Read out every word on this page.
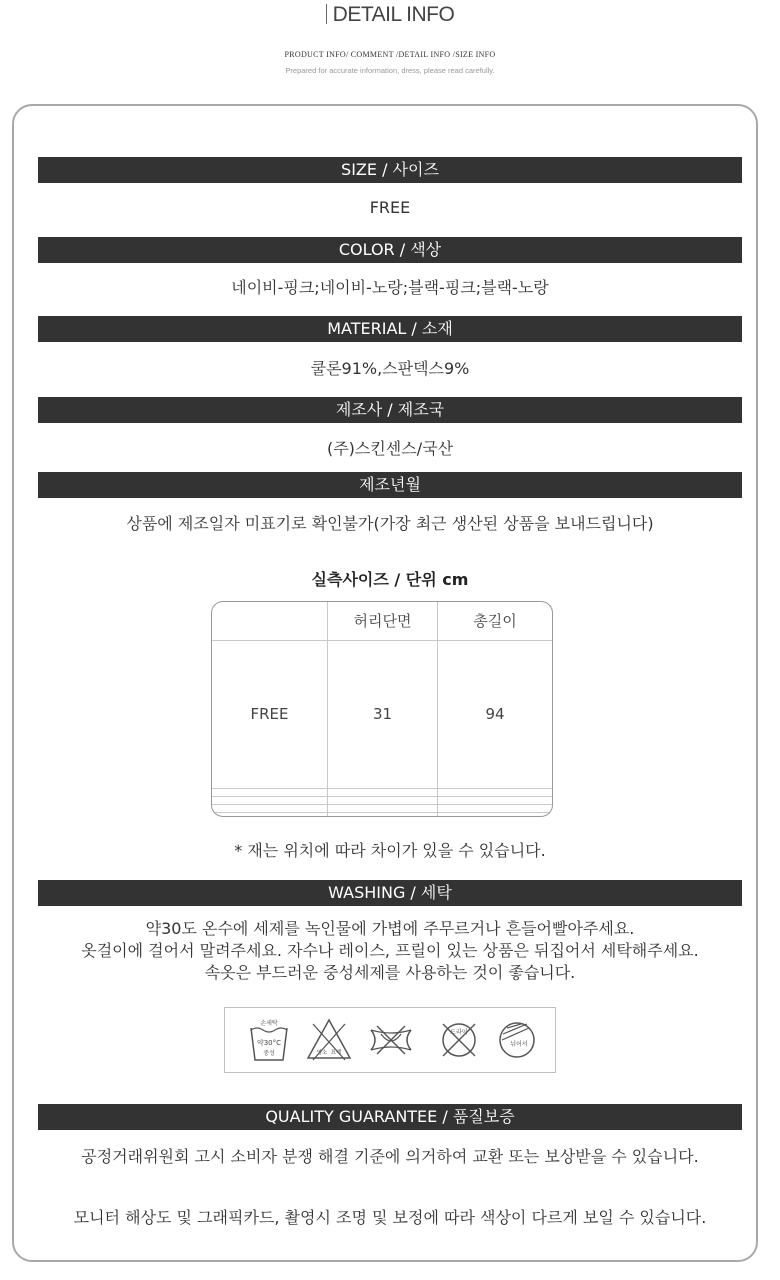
DETAIL INFO
PRODUCT INFO/ COMMENT /DETAIL INFO /SIZE INFO
Prepared for accurate information, dress, please read carefully.
SIZE / 사이즈
FREE
COLOR / 색상
네이비-핑크;네이비-노랑;블랙-핑크;블랙-노랑
MATERIAL / 소재
쿨론91%,스판덱스9%
제조사 / 제조국
(주)스킨센스/국산
제조년월
상품에 제조일자 미표기로 확인불가(가장 최근 생산된 상품을 보내드립니다)
실측사이즈 / 단위 cm
	허리단면	총길이
FREE	31	94

* 재는 위치에 따라 차이가 있을 수 있습니다.
WASHING / 세탁
약30도 온수에 세제를 녹인물에 가볍에 주무르거나 흔들어빨아주세요.
옷걸이에 걸어서 말려주세요. 자수나 레이스, 프릴이 있는 상품은 뒤집어서 세탁해주세요.
속옷은 부드러운 중성세제를 사용하는 것이 좋습니다.
손세탁
약30°C
중성	염소 표백
드라이
뉘어서
QUALITY GUARANTEE / 품질보증
공정거래위원회 고시 소비자 분쟁 해결 기준에 의거하여 교환 또는 보상받을 수 있습니다.
모니터 해상도 및 그래픽카드, 촬영시 조명 및 보정에 따라 색상이 다르게 보일 수 있습니다.
